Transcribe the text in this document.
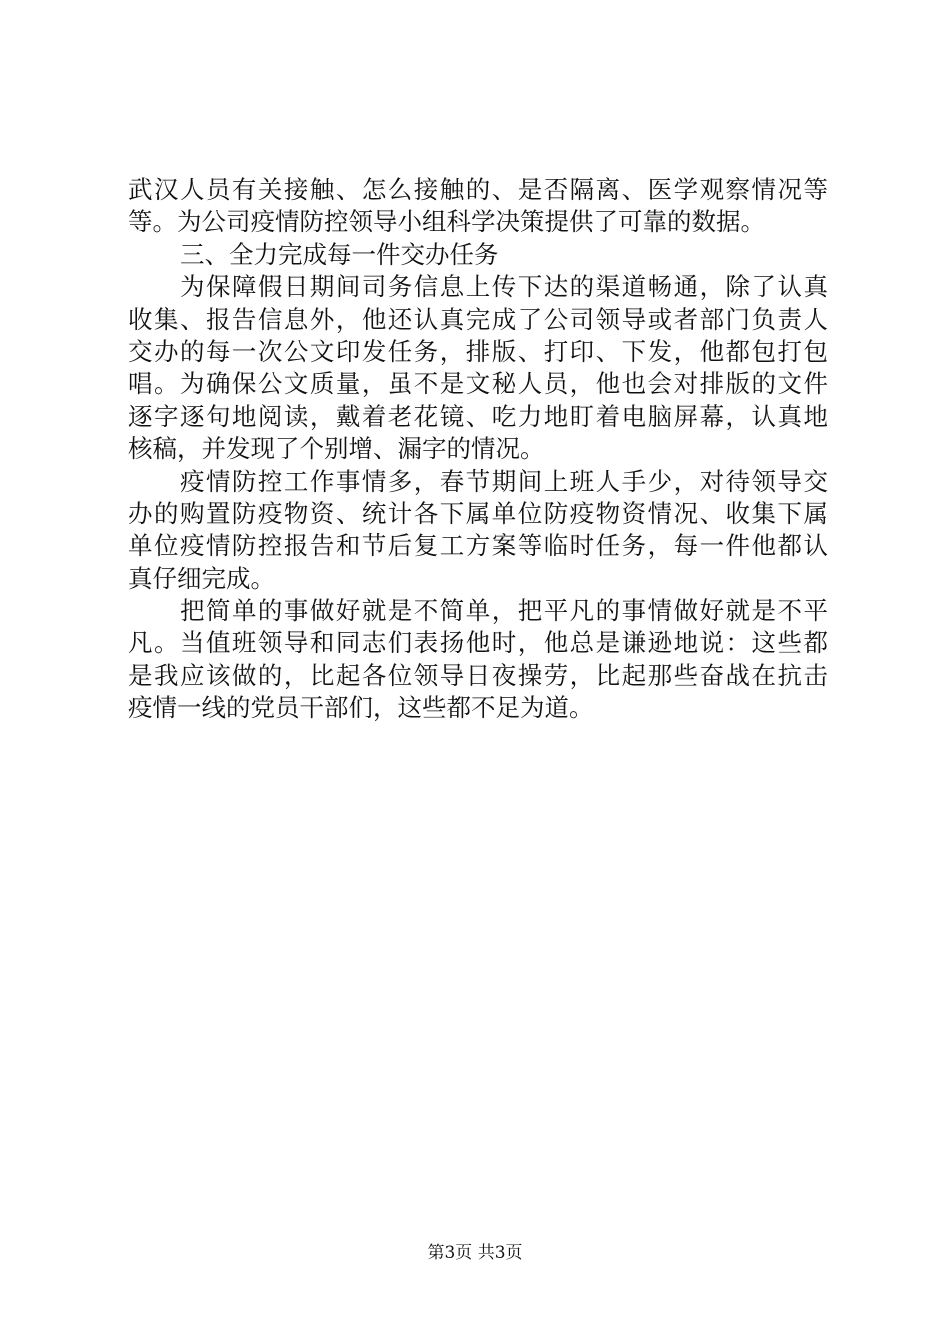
武汉人员有关接触、怎么接触的、是否隔离、医学观察情况等
等。为公司疫情防控领导小组科学决策提供了可靠的数据。
三、全力完成每一件交办任务
为保障假日期间司务信息上传下达的渠道畅通，除了认真
收集、报告信息外，他还认真完成了公司领导或者部门负责人
交办的每一次公文印发任务，排版、打印、下发，他都包打包
唱。为确保公文质量，虽不是文秘人员，他也会对排版的文件
逐字逐句地阅读，戴着老花镜、吃力地盯着电脑屏幕，认真地
核稿，并发现了个别增、漏字的情况。
疫情防控工作事情多，春节期间上班人手少，对待领导交
办的购置防疫物资、统计各下属单位防疫物资情况、收集下属
单位疫情防控报告和节后复工方案等临时任务，每一件他都认
真仔细完成。
把简单的事做好就是不简单，把平凡的事情做好就是不平
凡。当值班领导和同志们表扬他时，他总是谦逊地说：这些都
是我应该做的，比起各位领导日夜操劳，比起那些奋战在抗击
疫情一线的党员干部们，这些都不足为道。
第3页 共3页
